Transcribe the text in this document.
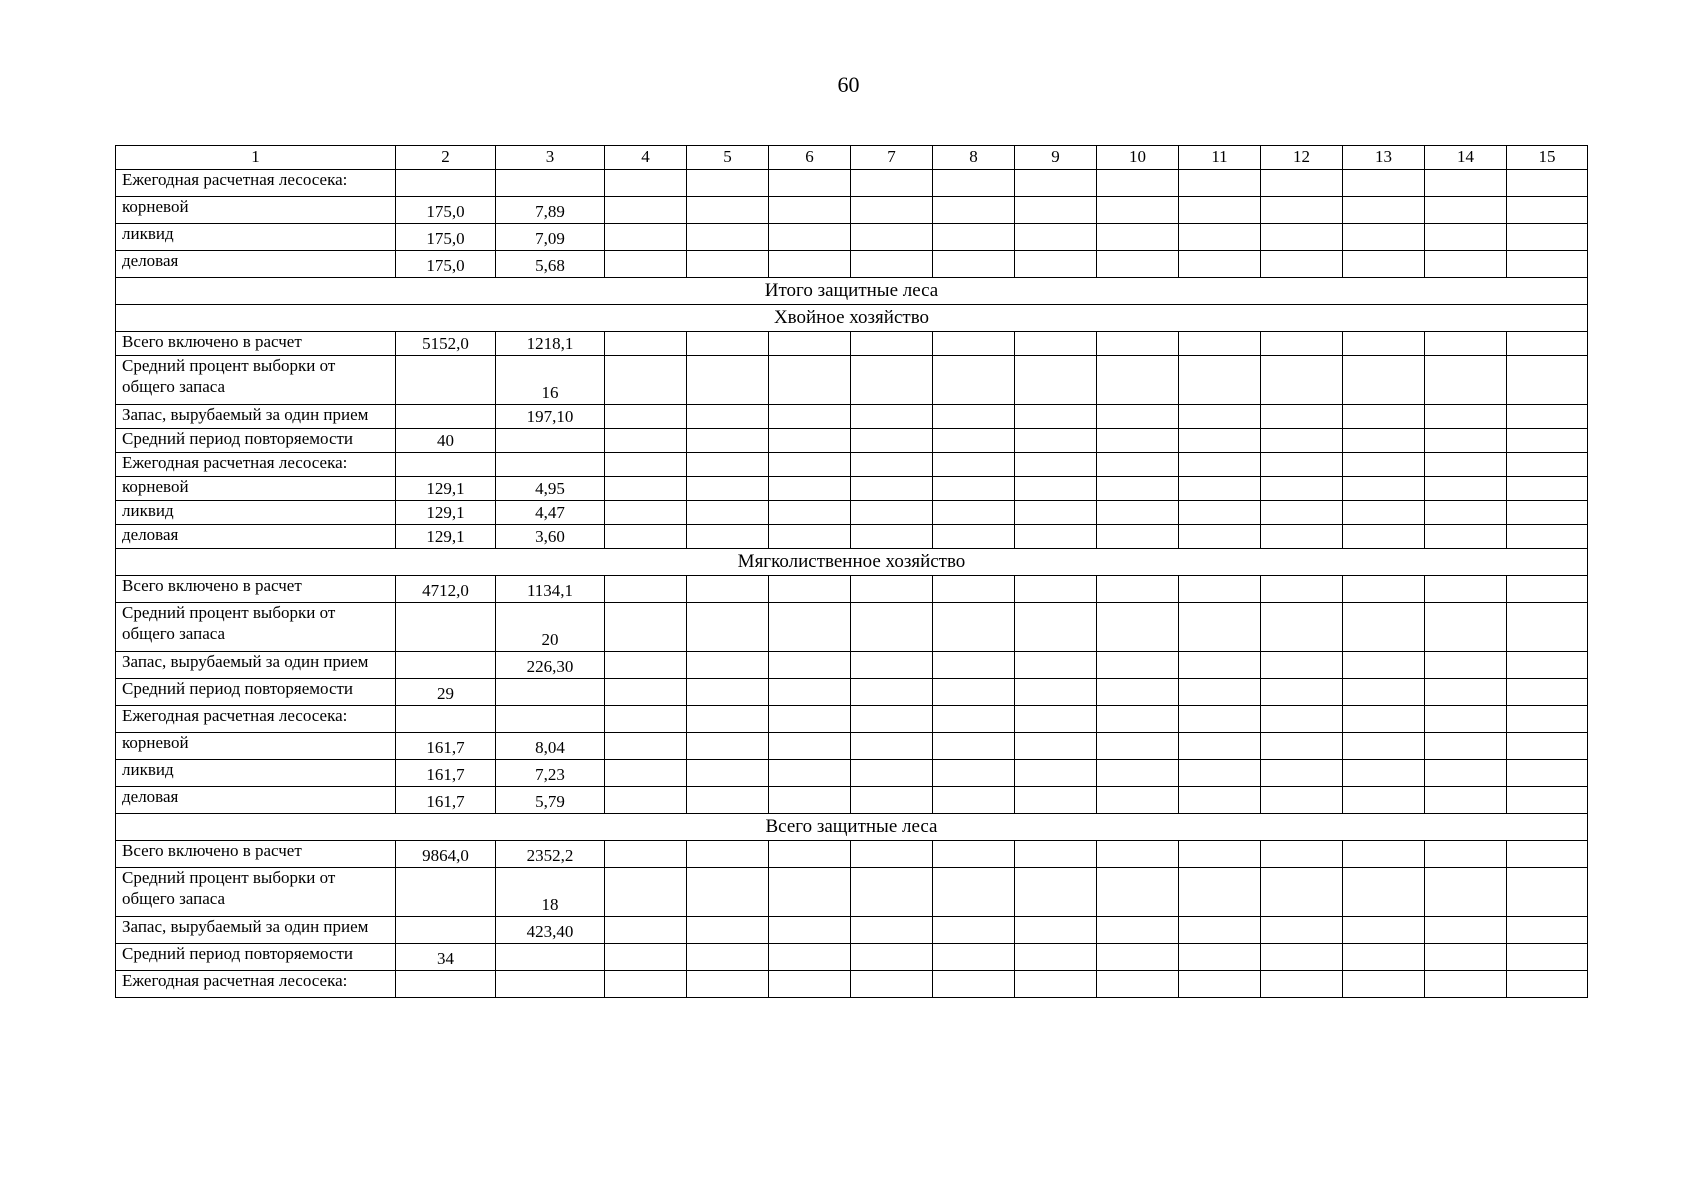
60
1	2	3	4	5	6	7	8	9	10	11	12	13	14	15
Ежегодная расчетная лесосека:														
корневой	175,0	7,89												
ликвид	175,0	7,09												
деловая	175,0	5,68												
Итого защитные леса														
Хвойное хозяйство														
Всего включено в расчет	5152,0	1218,1												
Средний процент выборки от общего запаса		16												
Запас, вырубаемый за один прием		197,10												
Средний период повторяемости	40													
Ежегодная расчетная лесосека:														
корневой	129,1	4,95												
ликвид	129,1	4,47												
деловая	129,1	3,60												
Мягколиственное хозяйство														
Всего включено в расчет	4712,0	1134,1												
Средний процент выборки от общего запаса		20												
Запас, вырубаемый за один прием		226,30												
Средний период повторяемости	29													
Ежегодная расчетная лесосека:														
корневой	161,7	8,04												
ликвид	161,7	7,23												
деловая	161,7	5,79												
Всего защитные леса														
Всего включено в расчет	9864,0	2352,2												
Средний процент выборки от общего запаса		18												
Запас, вырубаемый за один прием		423,40												
Средний период повторяемости	34													
Ежегодная расчетная лесосека:														
